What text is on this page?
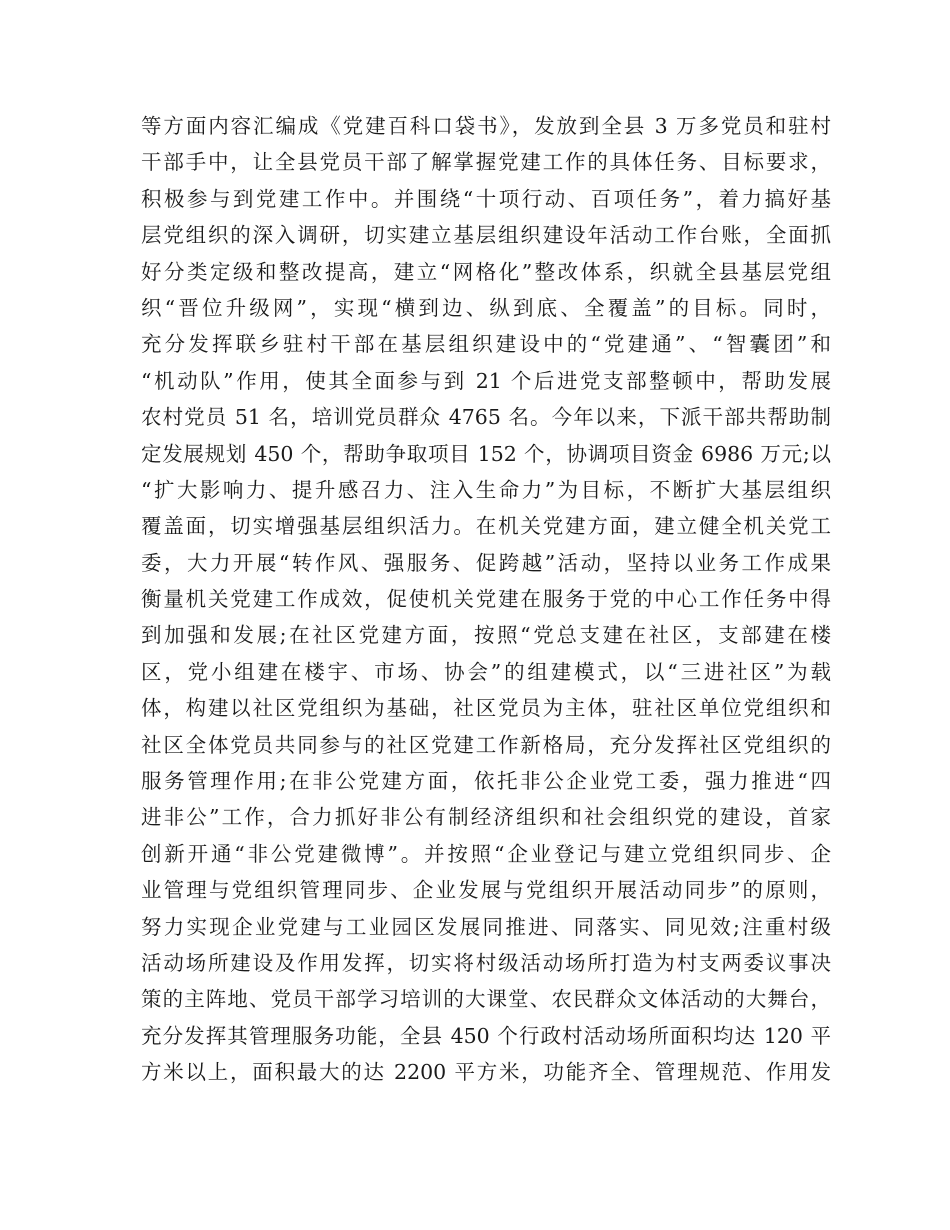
等方面内容汇编成《党建百科口袋书》，发放到全县 3 万多党员和驻村
干部手中，让全县党员干部了解掌握党建工作的具体任务、目标要求，
积极参与到党建工作中。并围绕“十项行动、百项任务”，着力搞好基
层党组织的深入调研，切实建立基层组织建设年活动工作台账，全面抓
好分类定级和整改提高，建立“网格化”整改体系，织就全县基层党组
织“晋位升级网”，实现“横到边、纵到底、全覆盖”的目标。同时，
充分发挥联乡驻村干部在基层组织建设中的“党建通”、“智囊团”和
“机动队”作用，使其全面参与到 21 个后进党支部整顿中，帮助发展
农村党员 51 名，培训党员群众 4765 名。今年以来，下派干部共帮助制
定发展规划 450 个，帮助争取项目 152 个，协调项目资金 6986 万元;以
“扩大影响力、提升感召力、注入生命力”为目标，不断扩大基层组织
覆盖面，切实增强基层组织活力。在机关党建方面，建立健全机关党工
委，大力开展“转作风、强服务、促跨越”活动，坚持以业务工作成果
衡量机关党建工作成效，促使机关党建在服务于党的中心工作任务中得
到加强和发展;在社区党建方面，按照“党总支建在社区，支部建在楼
区，党小组建在楼宇、市场、协会”的组建模式，以“三进社区”为载
体，构建以社区党组织为基础，社区党员为主体，驻社区单位党组织和
社区全体党员共同参与的社区党建工作新格局，充分发挥社区党组织的
服务管理作用;在非公党建方面，依托非公企业党工委，强力推进“四
进非公”工作，合力抓好非公有制经济组织和社会组织党的建设，首家
创新开通“非公党建微博”。并按照“企业登记与建立党组织同步、企
业管理与党组织管理同步、企业发展与党组织开展活动同步”的原则，
努力实现企业党建与工业园区发展同推进、同落实、同见效;注重村级
活动场所建设及作用发挥，切实将村级活动场所打造为村支两委议事决
策的主阵地、党员干部学习培训的大课堂、农民群众文体活动的大舞台，
充分发挥其管理服务功能，全县 450 个行政村活动场所面积均达 120 平
方米以上，面积最大的达 2200 平方米，功能齐全、管理规范、作用发
